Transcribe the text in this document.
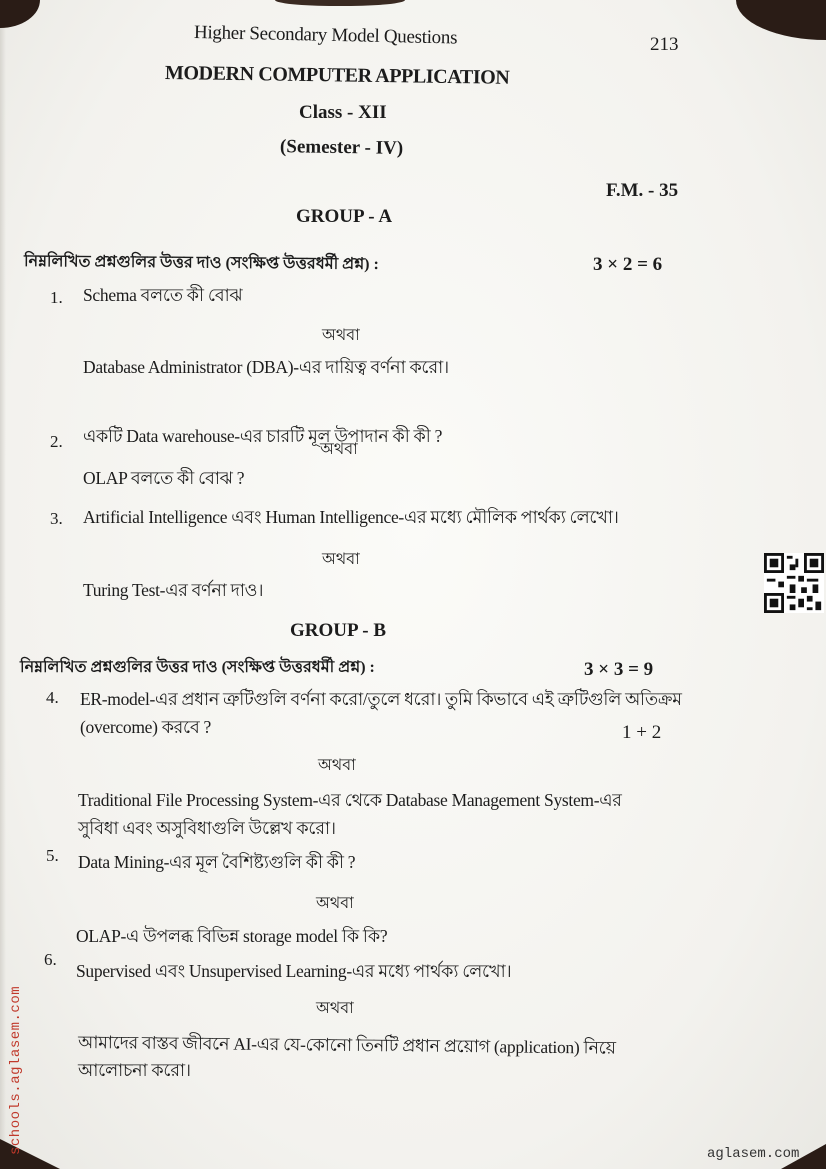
Higher Secondary Model Questions	213
MODERN COMPUTER APPLICATION
Class - XII
(Semester - IV)
F.M. - 35
GROUP - A
নিম্নলিখিত প্রশ্নগুলির উত্তর দাও (সংক্ষিপ্ত উত্তরধর্মী প্রশ্ন) :	3 × 2 = 6
1. Schema বলতে কী বোঝ
অথবা
Database Administrator (DBA)-এর দায়িত্ব বর্ণনা করো।
2. একটি Data warehouse-এর চারটি মূল উপাদান কী কী ?
অথবা
OLAP বলতে কী বোঝ ?
3. Artificial Intelligence এবং Human Intelligence-এর মধ্যে মৌলিক পার্থক্য লেখো।
অথবা
Turing Test-এর বর্ণনা দাও।
GROUP - B
নিম্নলিখিত প্রশ্নগুলির উত্তর দাও (সংক্ষিপ্ত উত্তরধর্মী প্রশ্ন) :	3 × 3 = 9
4. ER-model-এর প্রধান ত্রুটিগুলি বর্ণনা করো/তুলে ধরো। তুমি কিভাবে এই ত্রুটিগুলি অতিক্রম
(overcome) করবে ?	1 + 2
অথবা
Traditional File Processing System-এর থেকে Database Management System-এর
সুবিধা এবং অসুবিধাগুলি উল্লেখ করো।
5. Data Mining-এর মূল বৈশিষ্ট্যগুলি কী কী ?
অথবা
OLAP-এ উপলব্ধ বিভিন্ন storage model কি কি?
6.
Supervised এবং Unsupervised Learning-এর মধ্যে পার্থক্য লেখো।
অথবা
আমাদের বাস্তব জীবনে AI-এর যে-কোনো তিনটি প্রধান প্রয়োগ (application) নিয়ে
আলোচনা করো।
schools.aglasem.com	aglasem.com
